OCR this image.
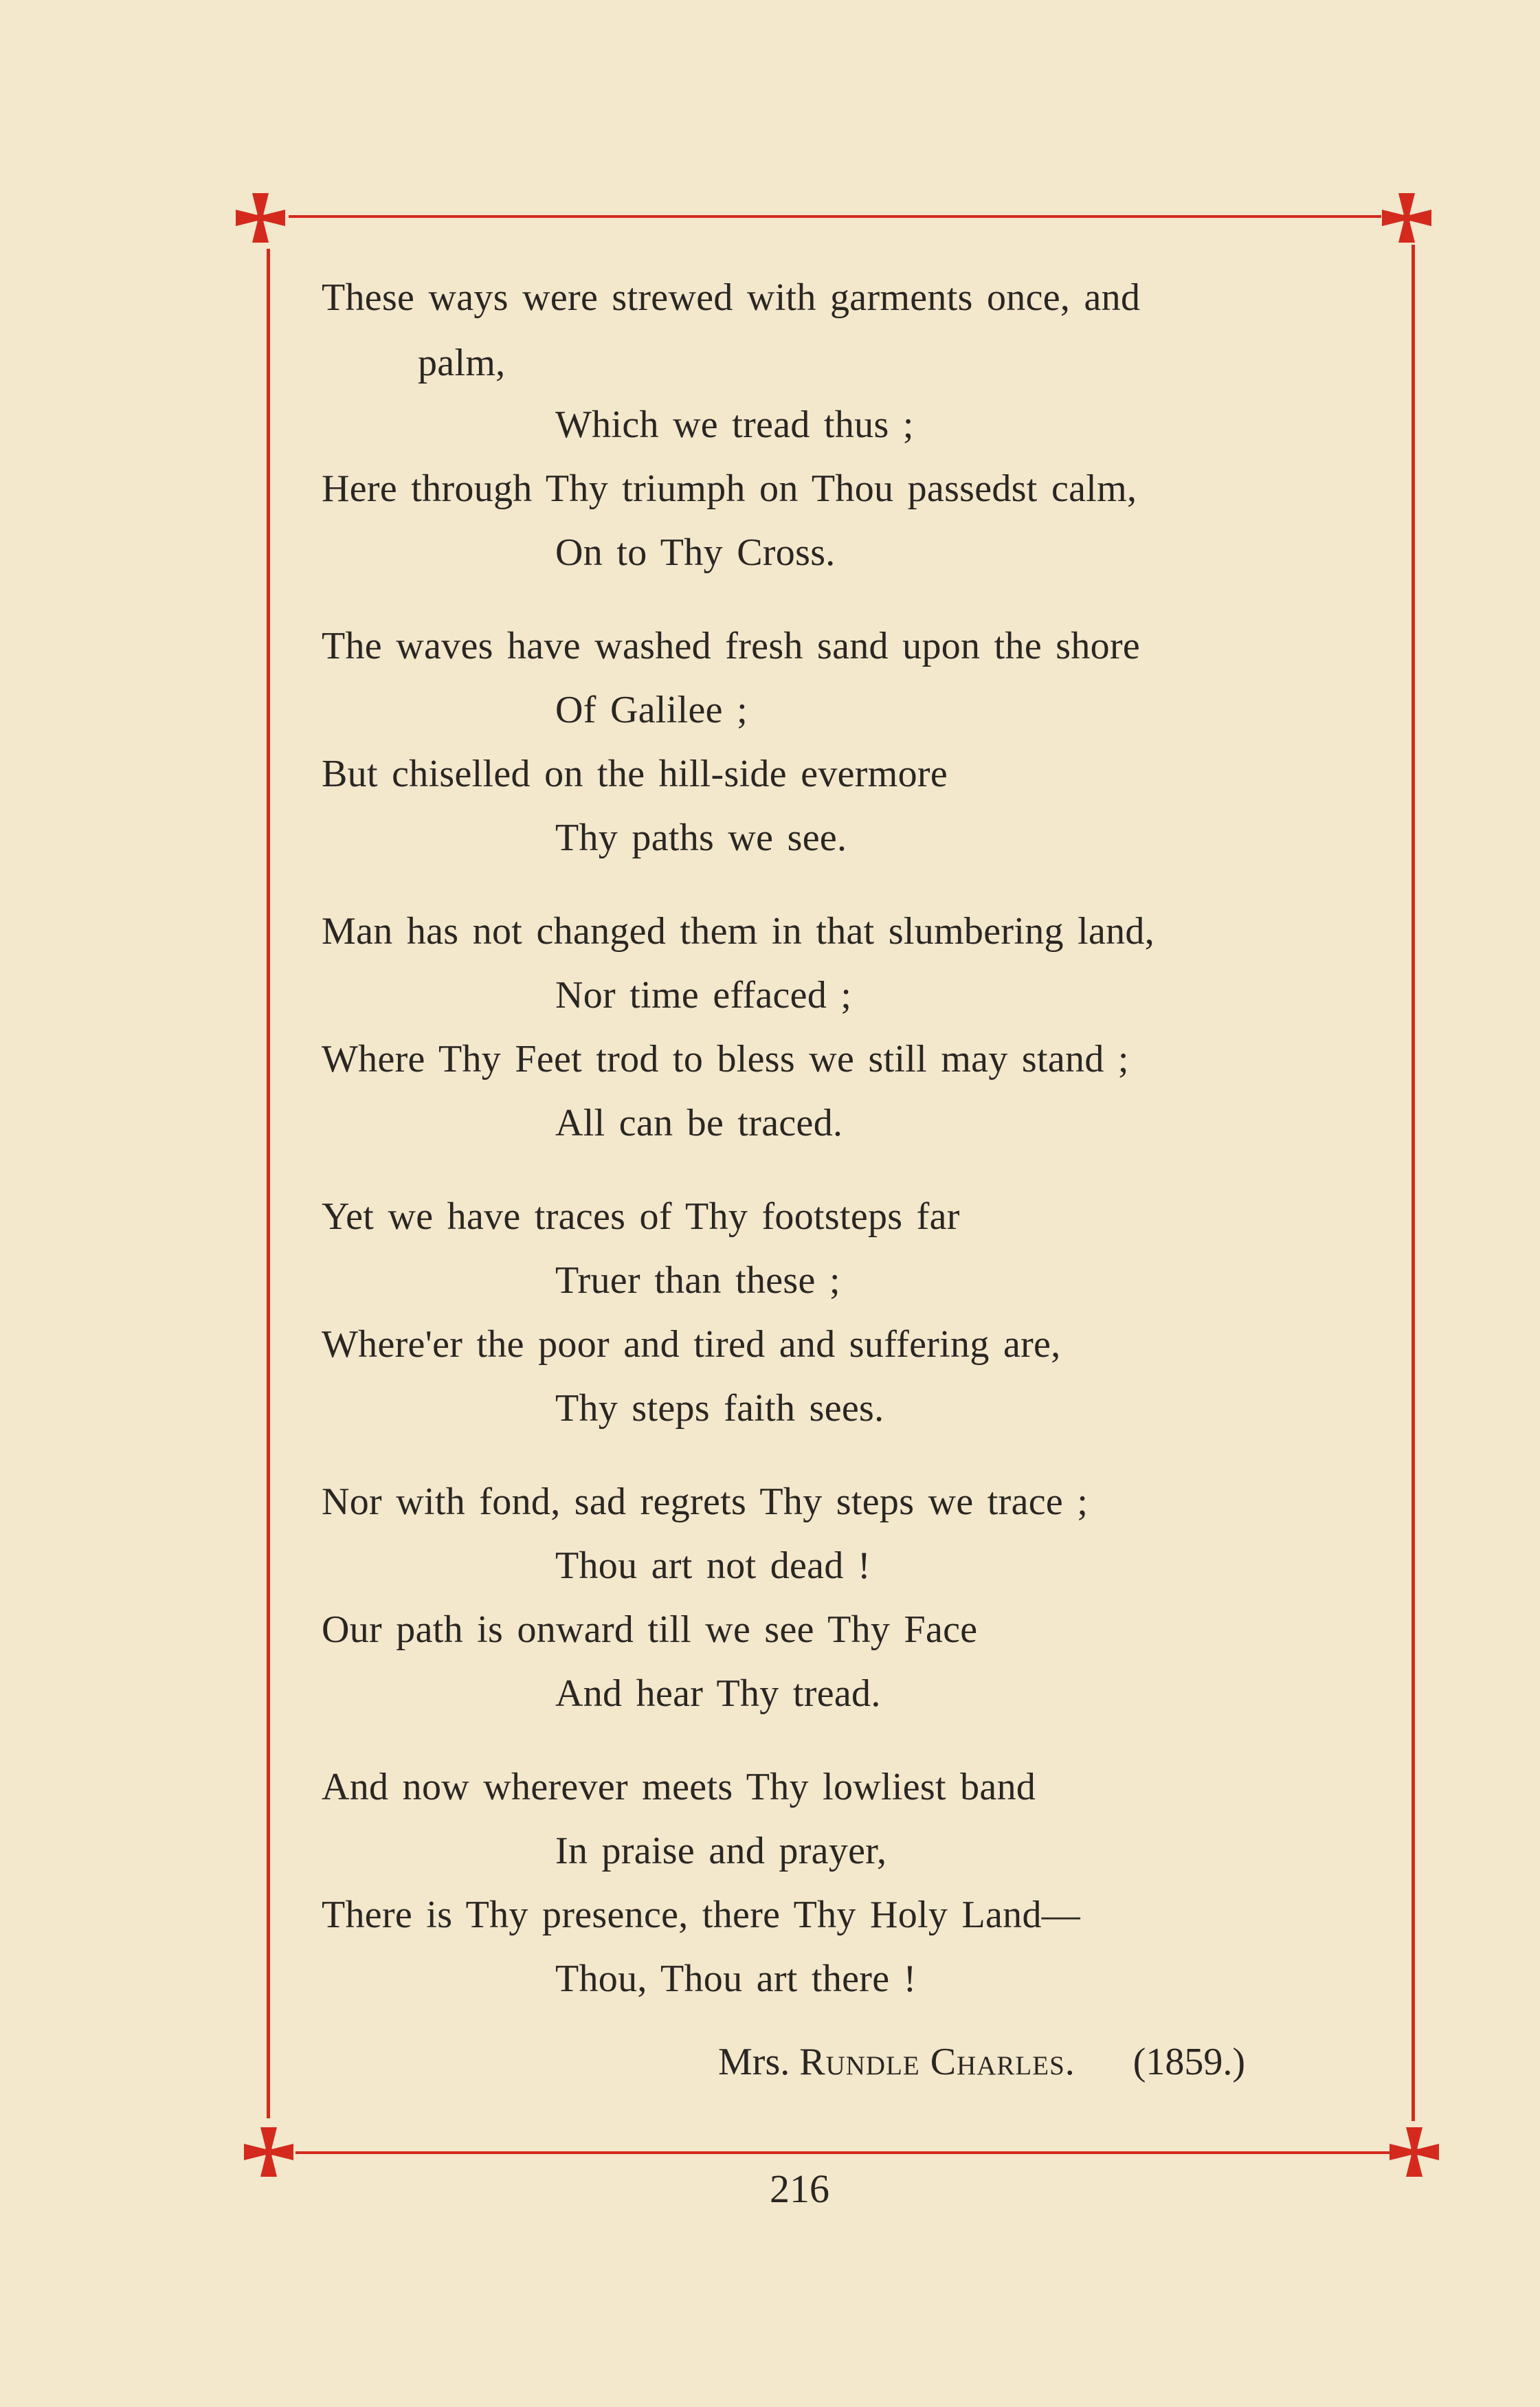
These ways were strewed with garments once, and
palm,
Which we tread thus ;
Here through Thy triumph on Thou passedst calm,
On to Thy Cross.
The waves have washed fresh sand upon the shore
Of Galilee ;
But chiselled on the hill-side evermore
Thy paths we see.
Man has not changed them in that slumbering land,
Nor time effaced ;
Where Thy Feet trod to bless we still may stand ;
All can be traced.
Yet we have traces of Thy footsteps far
Truer than these ;
Where'er the poor and tired and suffering are,
Thy steps faith sees.
Nor with fond, sad regrets Thy steps we trace ;
Thou art not dead !
Our path is onward till we see Thy Face
And hear Thy tread.
And now wherever meets Thy lowliest band
In praise and prayer,
There is Thy presence, there Thy Holy Land—
Thou, Thou art there !
Mrs. Rundle Charles. (1859.)
216
